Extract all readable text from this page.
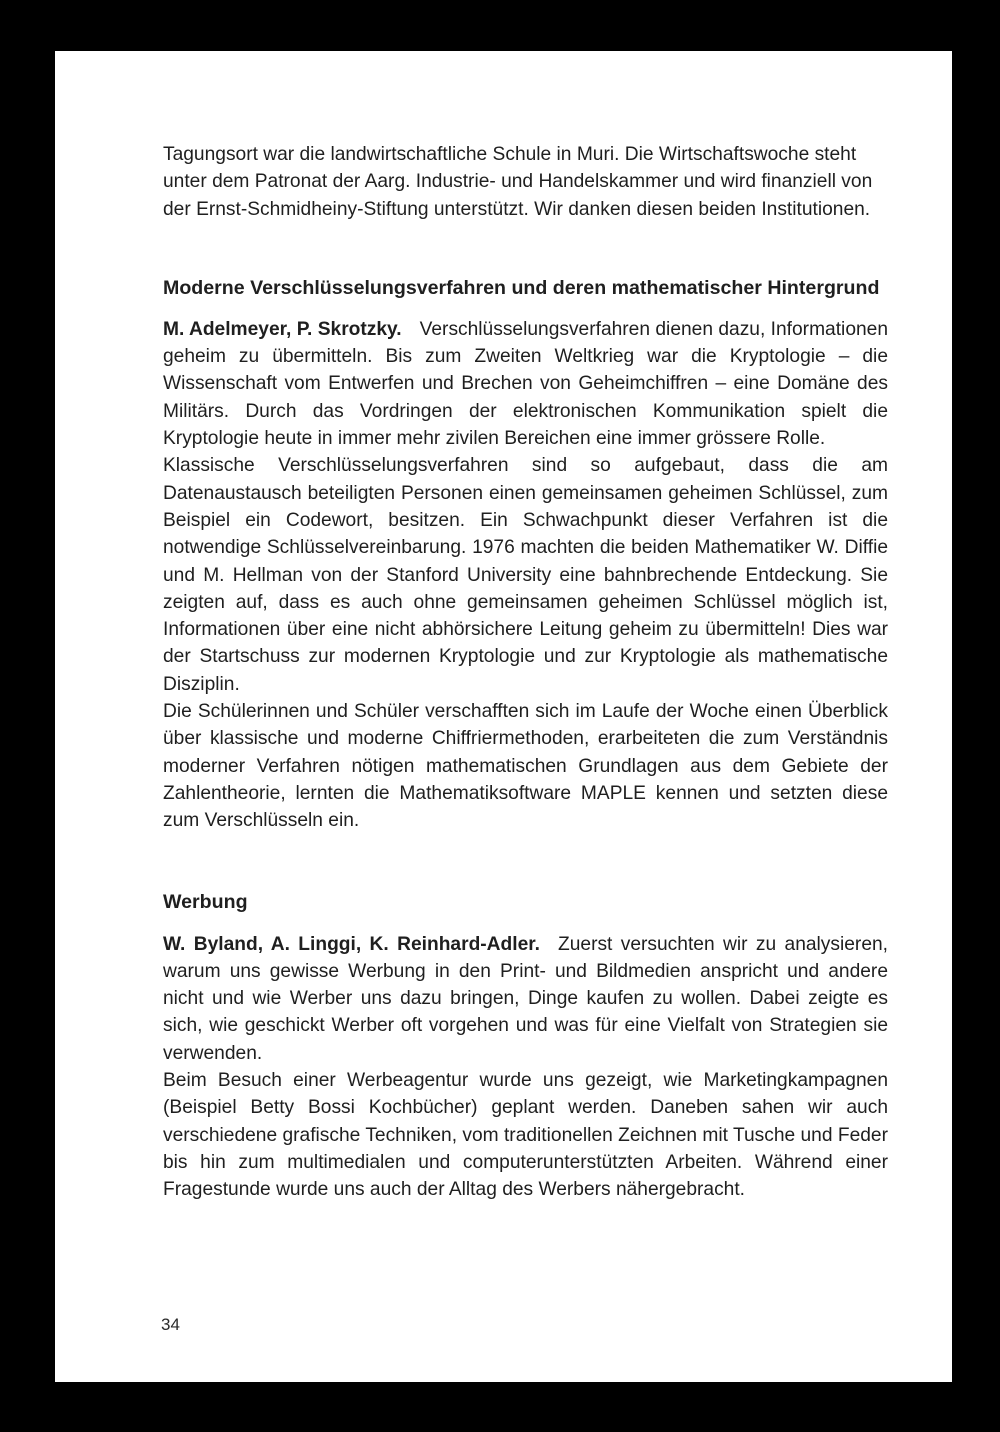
Tagungsort war die landwirtschaftliche Schule in Muri. Die Wirtschaftswoche steht unter dem Patronat der Aarg. Industrie- und Handelskammer und wird finanziell von der Ernst-Schmidheiny-Stiftung unterstützt. Wir danken diesen beiden Institutionen.

Moderne Verschlüsselungsverfahren und deren mathematischer Hintergrund

M. Adelmeyer, P. Skrotzky. Verschlüsselungsverfahren dienen dazu, Informationen geheim zu übermitteln. Bis zum Zweiten Weltkrieg war die Kryptologie – die Wissenschaft vom Entwerfen und Brechen von Geheimchiffren – eine Domäne des Militärs. Durch das Vordringen der elektronischen Kommunikation spielt die Kryptologie heute in immer mehr zivilen Bereichen eine immer grössere Rolle.

Klassische Verschlüsselungsverfahren sind so aufgebaut, dass die am Datenaustausch beteiligten Personen einen gemeinsamen geheimen Schlüssel, zum Beispiel ein Codewort, besitzen. Ein Schwachpunkt dieser Verfahren ist die notwendige Schlüsselvereinbarung. 1976 machten die beiden Mathematiker W. Diffie und M. Hellman von der Stanford University eine bahnbrechende Entdeckung. Sie zeigten auf, dass es auch ohne gemeinsamen geheimen Schlüssel möglich ist, Informationen über eine nicht abhörsichere Leitung geheim zu übermitteln! Dies war der Startschuss zur modernen Kryptologie und zur Kryptologie als mathematische Disziplin.

Die Schülerinnen und Schüler verschafften sich im Laufe der Woche einen Überblick über klassische und moderne Chiffriermethoden, erarbeiteten die zum Verständnis moderner Verfahren nötigen mathematischen Grundlagen aus dem Gebiete der Zahlentheorie, lernten die Mathematiksoftware MAPLE kennen und setzten diese zum Verschlüsseln ein.

Werbung

W. Byland, A. Linggi, K. Reinhard-Adler. Zuerst versuchten wir zu analysieren, warum uns gewisse Werbung in den Print- und Bildmedien anspricht und andere nicht und wie Werber uns dazu bringen, Dinge kaufen zu wollen. Dabei zeigte es sich, wie geschickt Werber oft vorgehen und was für eine Vielfalt von Strategien sie verwenden.

Beim Besuch einer Werbeagentur wurde uns gezeigt, wie Marketingkampagnen (Beispiel Betty Bossi Kochbücher) geplant werden. Daneben sahen wir auch verschiedene grafische Techniken, vom traditionellen Zeichnen mit Tusche und Feder bis hin zum multimedialen und computerunterstützten Arbeiten. Während einer Fragestunde wurde uns auch der Alltag des Werbers nähergebracht.

34
